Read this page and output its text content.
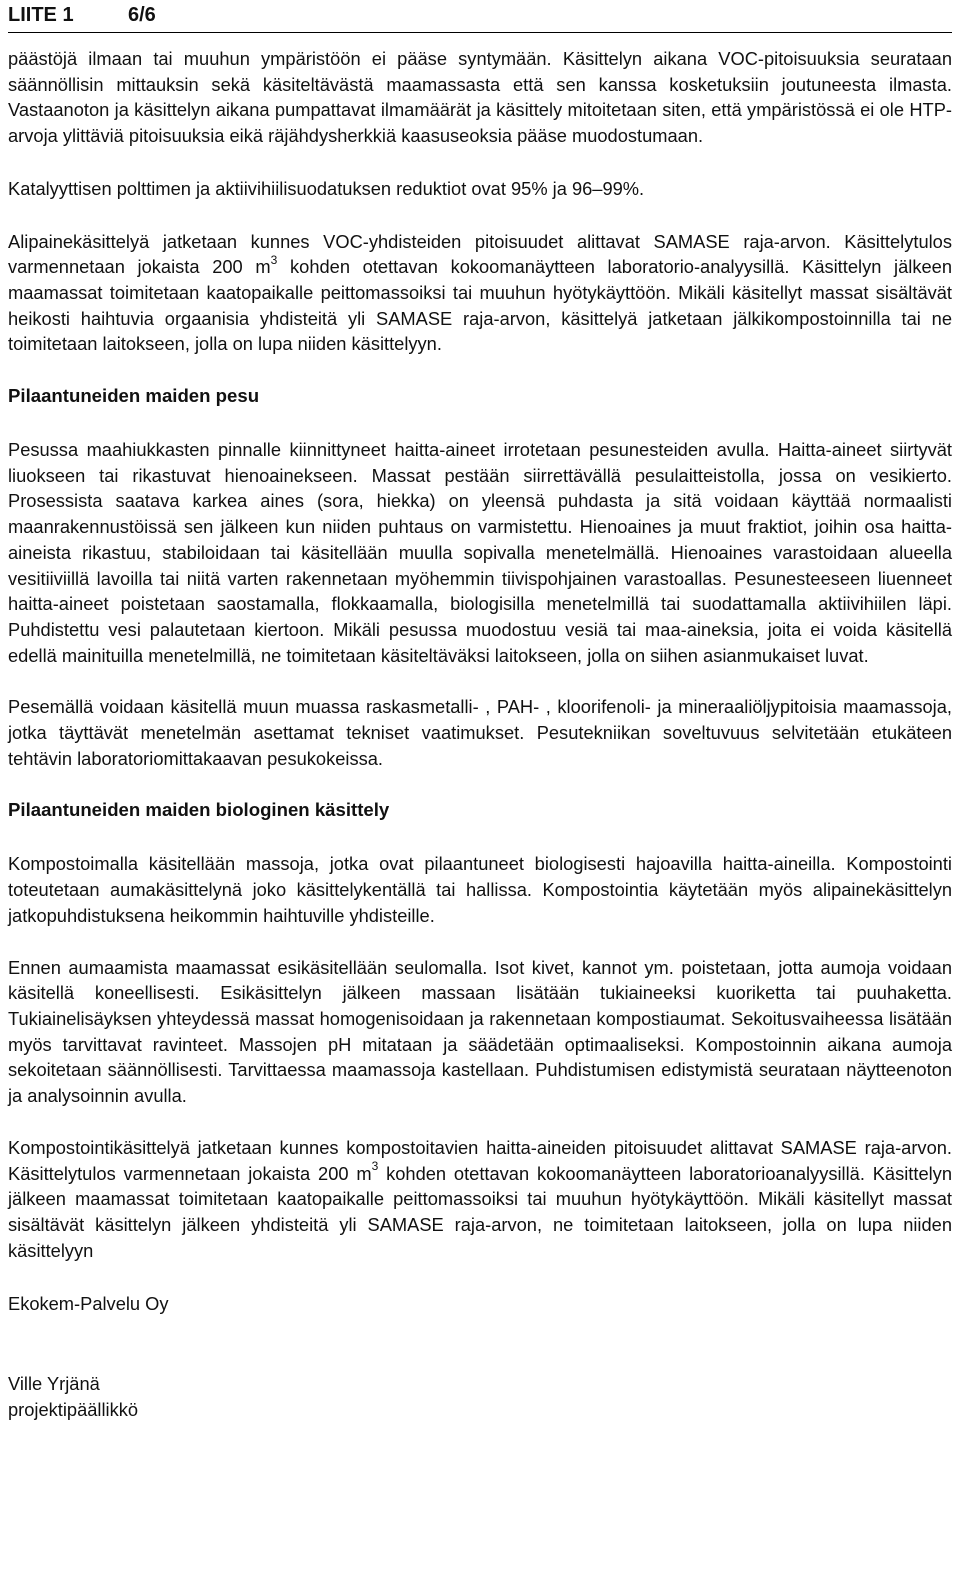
LIITE 1	6/6

päästöjä ilmaan tai muuhun ympäristöön ei pääse syntymään. Käsittelyn aikana VOC-pitoisuuksia seurataan säännöllisin mittauksin sekä käsiteltävästä maamassasta että sen kanssa kosketuksiin joutuneesta ilmasta. Vastaanoton ja käsittelyn aikana pumpattavat ilmamäärät ja käsittely mitoitetaan siten, että ympäristössä ei ole HTP-arvoja ylittäviä pitoisuuksia eikä räjähdysherkkiä kaasuseoksia pääse muodostumaan.

Katalyyttisen polttimen ja aktiivihiilisuodatuksen reduktiot ovat 95% ja 96–99%.

Alipainekäsittelyä jatketaan kunnes VOC-yhdisteiden pitoisuudet alittavat SAMASE raja-arvon. Käsittelytulos varmennetaan jokaista 200 $m^3$ kohden otettavan kokoomanäytteen laboratorio-analyysillä. Käsittelyn jälkeen maamassat toimitetaan kaatopaikalle peittomassoiksi tai muuhun hyötykäyttöön. Mikäli käsitellyt massat sisältävät heikosti haihtuvia orgaanisia yhdisteitä yli SAMASE raja-arvon, käsittelyä jatketaan jälkikompostoinnilla tai ne toimitetaan laitokseen, jolla on lupa niiden käsittelyyn.

Pilaantuneiden maiden pesu

Pesussa maahiukkasten pinnalle kiinnittyneet haitta-aineet irrotetaan pesunesteiden avulla. Haitta-aineet siirtyvät liuokseen tai rikastuvat hienoainekseen. Massat pestään siirrettävällä pesulaitteistolla, jossa on vesikierto. Prosessista saatava karkea aines (sora, hiekka) on yleensä puhdasta ja sitä voidaan käyttää normaalisti maanrakennustöissä sen jälkeen kun niiden puhtaus on varmistettu. Hienoaines ja muut fraktiot, joihin osa haitta-aineista rikastuu, stabiloidaan tai käsitellään muulla sopivalla menetelmällä. Hienoaines varastoidaan alueella vesitiiviillä lavoilla tai niitä varten rakennetaan myöhemmin tiivispohjainen varastoallas. Pesunesteeseen liuenneet haitta-aineet poistetaan saostamalla, flokkaamalla, biologisilla menetelmillä tai suodattamalla aktiivihiilen läpi. Puhdistettu vesi palautetaan kiertoon. Mikäli pesussa muodostuu vesiä tai maa-aineksia, joita ei voida käsitellä edellä mainituilla menetelmillä, ne toimitetaan käsiteltäväksi laitokseen, jolla on siihen asianmukaiset luvat.

Pesemällä voidaan käsitellä muun muassa raskasmetalli- , PAH- , kloorifenoli- ja mineraaliöljypitoisia maamassoja, jotka täyttävät menetelmän asettamat tekniset vaatimukset. Pesutekniikan soveltuvuus selvitetään etukäteen tehtävin laboratoriomittakaavan pesukokeissa.

Pilaantuneiden maiden biologinen käsittely

Kompostoimalla käsitellään massoja, jotka ovat pilaantuneet biologisesti hajoavilla haitta-aineilla. Kompostointi toteutetaan aumakäsittelynä joko käsittelykentällä tai hallissa. Kompostointia käytetään myös alipainekäsittelyn jatkopuhdistuksena heikommin haihtuville yhdisteille.

Ennen aumaamista maamassat esikäsitellään seulomalla. Isot kivet, kannot ym. poistetaan, jotta aumoja voidaan käsitellä koneellisesti. Esikäsittelyn jälkeen massaan lisätään tukiaineeksi kuoriketta tai puuhaketta. Tukiainelisäyksen yhteydessä massat homogenisoidaan ja rakennetaan kompostiaumat. Sekoitusvaiheessa lisätään myös tarvittavat ravinteet. Massojen pH mitataan ja säädetään optimaaliseksi. Kompostoinnin aikana aumoja sekoitetaan säännöllisesti. Tarvittaessa maamassoja kastellaan. Puhdistumisen edistymistä seurataan näytteenoton ja analysoinnin avulla.

Kompostointikäsittelyä jatketaan kunnes kompostoitavien haitta-aineiden pitoisuudet alittavat SAMASE raja-arvon. Käsittelytulos varmennetaan jokaista 200 $m^3$ kohden otettavan kokoomanäytteen laboratorioanalyysillä. Käsittelyn jälkeen maamassat toimitetaan kaatopaikalle peittomassoiksi tai muuhun hyötykäyttöön. Mikäli käsitellyt massat sisältävät käsittelyn jälkeen yhdisteitä yli SAMASE raja-arvon, ne toimitetaan laitokseen, jolla on lupa niiden käsittelyyn

Ekokem-Palvelu Oy

Ville Yrjänä

projektipäällikkö
